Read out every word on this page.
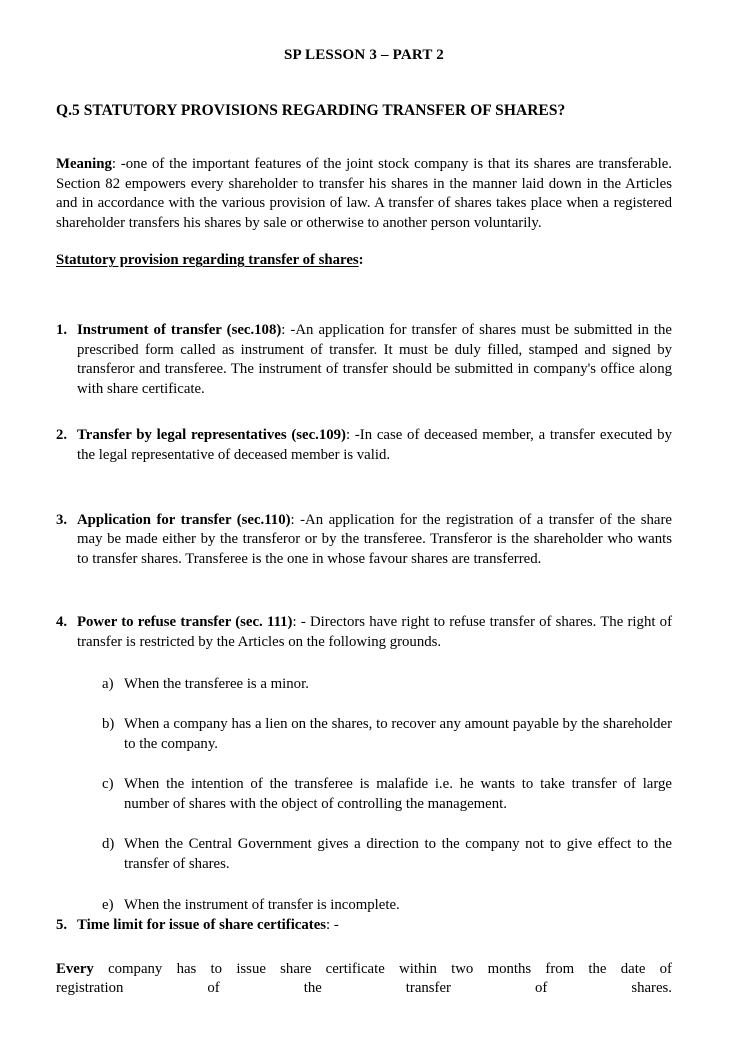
SP LESSON 3 – PART 2
Q.5 STATUTORY PROVISIONS REGARDING TRANSFER OF SHARES?

Meaning: -one of the important features of the joint stock company is that its shares are transferable. Section 82 empowers every shareholder to transfer his shares in the manner laid down in the Articles and in accordance with the various provision of law. A transfer of shares takes place when a registered shareholder transfers his shares by sale or otherwise to another person voluntarily.

Statutory provision regarding transfer of shares:

1. Instrument of transfer (sec.108): -An application for transfer of shares must be submitted in the prescribed form called as instrument of transfer. It must be duly filled, stamped and signed by transferor and transferee. The instrument of transfer should be submitted in company's office along with share certificate.
2. Transfer by legal representatives (sec.109): -In case of deceased member, a transfer executed by the legal representative of deceased member is valid.
3. Application for transfer (sec.110): -An application for the registration of a transfer of the share may be made either by the transferor or by the transferee. Transferor is the shareholder who wants to transfer shares. Transferee is the one in whose favour shares are transferred.
4. Power to refuse transfer (sec. 111): - Directors have right to refuse transfer of shares. The right of transfer is restricted by the Articles on the following grounds.
a) When the transferee is a minor.
b) When a company has a lien on the shares, to recover any amount payable by the shareholder to the company.
c) When the intention of the transferee is malafide i.e. he wants to take transfer of large number of shares with the object of controlling the management.
d) When the Central Government gives a direction to the company not to give effect to the transfer of shares.
e) When the instrument of transfer is incomplete.
5. Time limit for issue of share certificates: -
Every company has to issue share certificate within two months from the date of
registration of the transfer of shares.
